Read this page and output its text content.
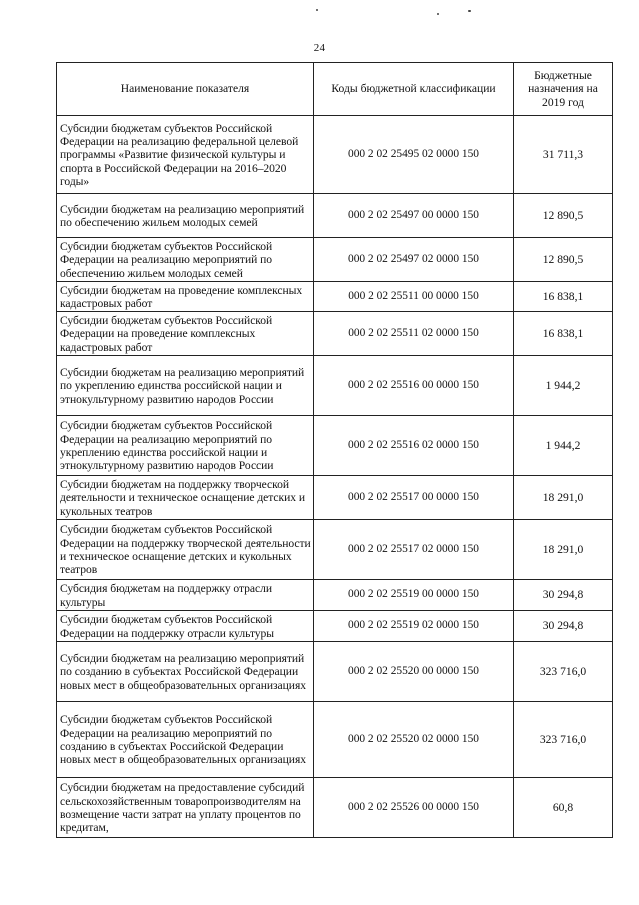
24
Наименование показателя	Коды бюджетной классификации	Бюджетные назначения на 2019 год
Субсидии бюджетам субъектов Российской Федерации на реализацию федеральной целевой программы «Развитие физической культуры и спорта в Российской Федерации на 2016–2020 годы»	000 2 02 25495 02 0000 150	31 711,3
Субсидии бюджетам на реализацию мероприятий по обеспечению жильем молодых семей	000 2 02 25497 00 0000 150	12 890,5
Субсидии бюджетам субъектов Российской Федерации на реализацию мероприятий по обеспечению жильем молодых семей	000 2 02 25497 02 0000 150	12 890,5
Субсидии бюджетам на проведение комплексных кадастровых работ	000 2 02 25511 00 0000 150	16 838,1
Субсидии бюджетам субъектов Российской Федерации на проведение комплексных кадастровых работ	000 2 02 25511 02 0000 150	16 838,1
Субсидии бюджетам на реализацию мероприятий по укреплению единства российской нации и этнокультурному развитию народов России	000 2 02 25516 00 0000 150	1 944,2
Субсидии бюджетам субъектов Российской Федерации на реализацию мероприятий по укреплению единства российской нации и этнокультурному развитию народов России	000 2 02 25516 02 0000 150	1 944,2
Субсидии бюджетам на поддержку творческой деятельности и техническое оснащение детских и кукольных театров	000 2 02 25517 00 0000 150	18 291,0
Субсидии бюджетам субъектов Российской Федерации на поддержку творческой деятельности и техническое оснащение детских и кукольных театров	000 2 02 25517 02 0000 150	18 291,0
Субсидия бюджетам на поддержку отрасли культуры	000 2 02 25519 00 0000 150	30 294,8
Субсидии бюджетам субъектов Российской Федерации на поддержку отрасли культуры	000 2 02 25519 02 0000 150	30 294,8
Субсидии бюджетам на реализацию мероприятий по созданию в субъектах Российской Федерации новых мест в общеобразовательных организациях	000 2 02 25520 00 0000 150	323 716,0
Субсидии бюджетам субъектов Российской Федерации на реализацию мероприятий по созданию в субъектах Российской Федерации новых мест в общеобразовательных организациях	000 2 02 25520 02 0000 150	323 716,0
Субсидии бюджетам на предоставление субсидий сельскохозяйственным товаропроизводителям на возмещение части затрат на уплату процентов по кредитам,	000 2 02 25526 00 0000 150	60,8
